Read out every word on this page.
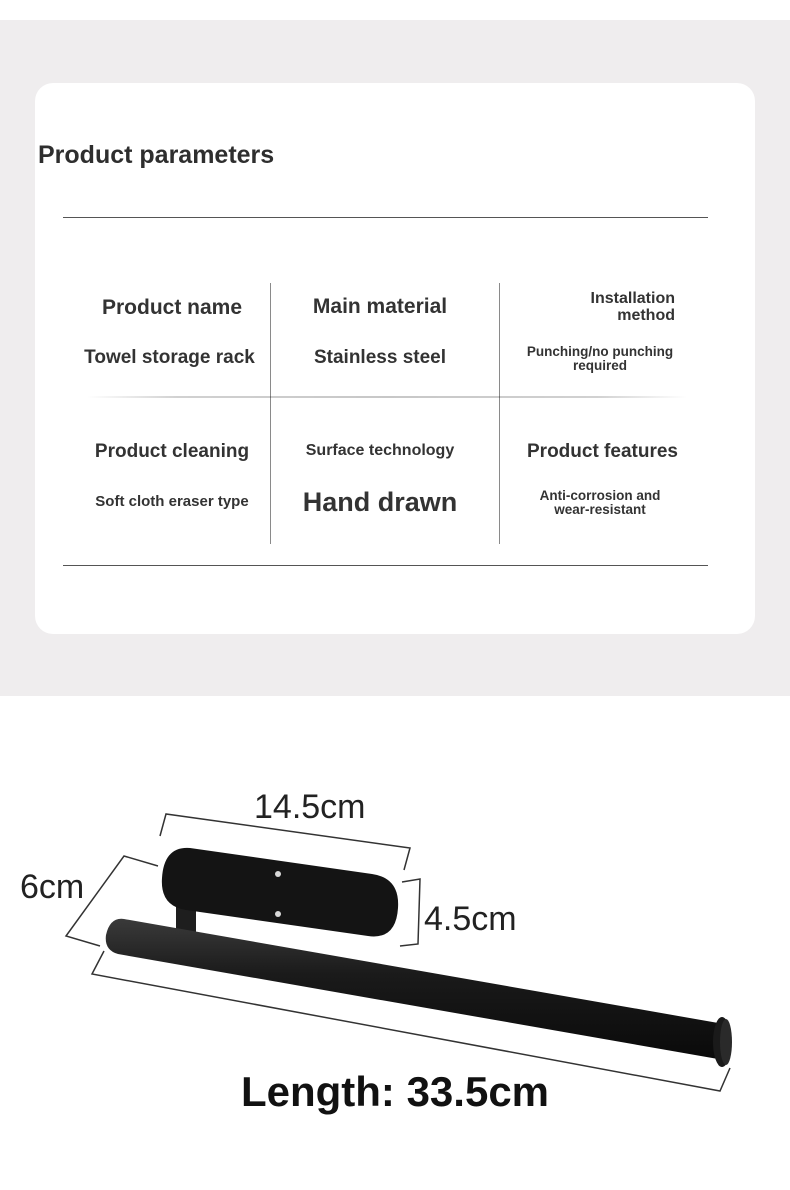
Product parameters
Product name
Towel storage rack
Main material
Stainless steel
Installation
method
Punching/no punching
required
Product cleaning
Soft cloth eraser type
Surface technology
Hand drawn
Product features
Anti-corrosion and
wear-resistant
14.5cm
6cm
4.5cm
Length: 33.5cm
